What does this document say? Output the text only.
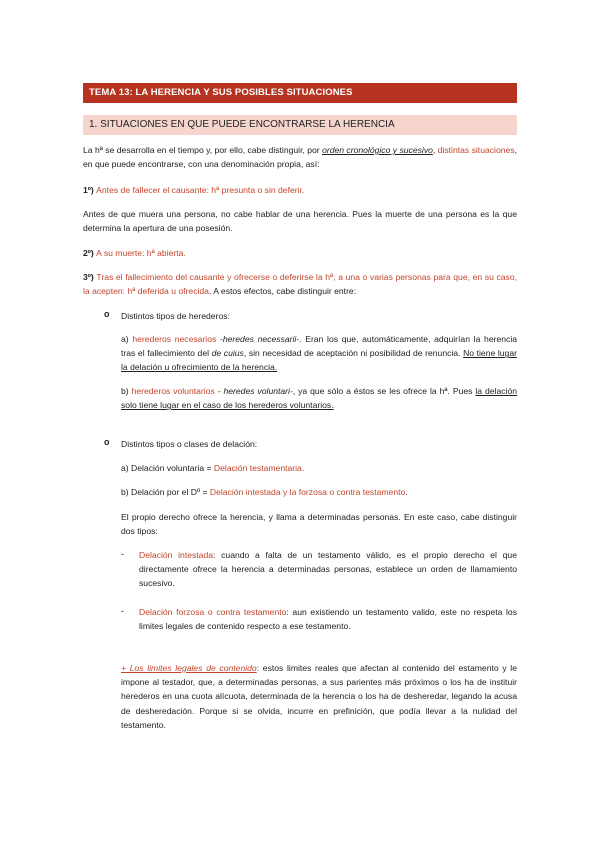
TEMA 13: LA HERENCIA Y SUS POSIBLES SITUACIONES
1. SITUACIONES EN QUE PUEDE ENCONTRARSE LA HERENCIA
La hª se desarrolla en el tiempo y, por ello, cabe distinguir, por orden cronológico y sucesivo, distintas situaciones, en que puede encontrarse, con una denominación propia, así:
1º) Antes de fallecer el causante: hª presunta o sin deferir.
Antes de que muera una persona, no cabe hablar de una herencia. Pues la muerte de una persona es la que determina la apertura de una posesión.
2º) A su muerte: hª abierta.
3º) Tras el fallecimiento del causante y ofrecerse o deferirse la hª, a una o varias personas para que, en su caso, la acepten: hª deferida u ofrecida. A estos efectos, cabe distinguir entre:
o Distintos tipos de herederos:
a) herederos necesarios -heredes necessarii-. Eran los que, automáticamente, adquirían la herencia tras el fallecimiento del de cuius, sin necesidad de aceptación ni posibilidad de renuncia. No tiene lugar la delación u ofrecimiento de la herencia.
b) herederos voluntarios - heredes voluntari-, ya que sólo a éstos se les ofrece la hª. Pues la delación solo tiene lugar en el caso de los herederos voluntarios.
o Distintos tipos o clases de delación:
a) Delación voluntaria = Delación testamentaria.
b) Delación por el Dº = Delación intestada y la forzosa o contra testamento.
El propio derecho ofrece la herencia, y llama a determinadas personas. En este caso, cabe distinguir dos tipos:
- Delación intestada: cuando a falta de un testamento válido, es el propio derecho el que directamente ofrece la herencia a determinadas personas, establece un orden de llamamiento sucesivo.
- Delación forzosa o contra testamento: aun existiendo un testamento valido, este no respeta los limites legales de contenido respecto a ese testamento.
+ Los limites legales de contenido: estos limites reales que afectan al contenido del estamento y le impone al testador, que, a determinadas personas, a sus parientes más próximos o los ha de instituir herederos en una cuota alícuota, determinada de la herencia o los ha de desheredar, legando la acusa de desheredación. Porque si se olvida, incurre en prefinición, que podía llevar a la nulidad del testamento.
